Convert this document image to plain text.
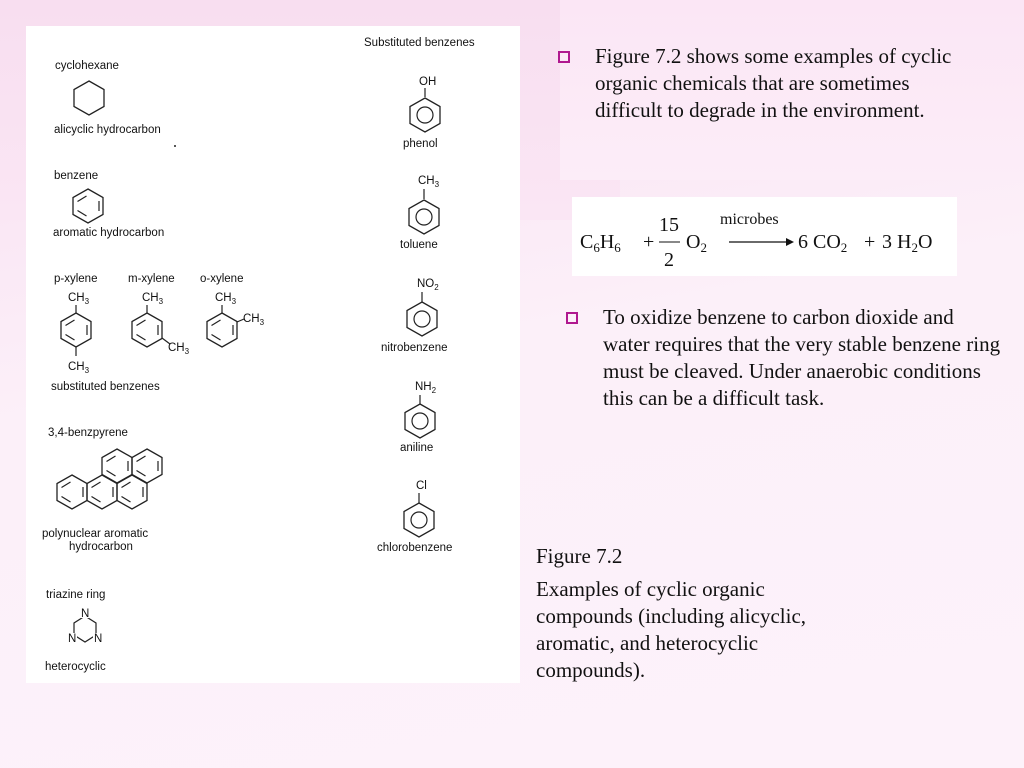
cyclohexane
alicyclic hydrocarbon
benzene
aromatic hydrocarbon
p-xylene	m-xylene o-xylene
$CH_3$
$CH_3$
$CH_3$
$CH_3$
$CH_3$
$CH_3$
substituted benzenes
3,4-benzpyrene
polynuclear aromatic
hydrocarbon
triazine ring
N
N N
heterocyclic
Substituted benzenes
OH
phenol
$CH_3$
toluene
$NO_2$
nitrobenzene
$NH_2$
aniline
Cl
chlorobenzene
Figure 7.2 shows some examples of cyclic organic chemicals that are sometimes difficult to degrade in the environment.
$C_6H_6$ +
15
2
$O_2$
microbes
6 $CO_2 + 3$ $H_2O$
To oxidize benzene to carbon dioxide and water requires that the very stable benzene ring must be cleaved. Under anaerobic conditions this can be a difficult task.
Figure 7.2
Examples of cyclic organic compounds (including alicyclic, aromatic, and heterocyclic compounds).
